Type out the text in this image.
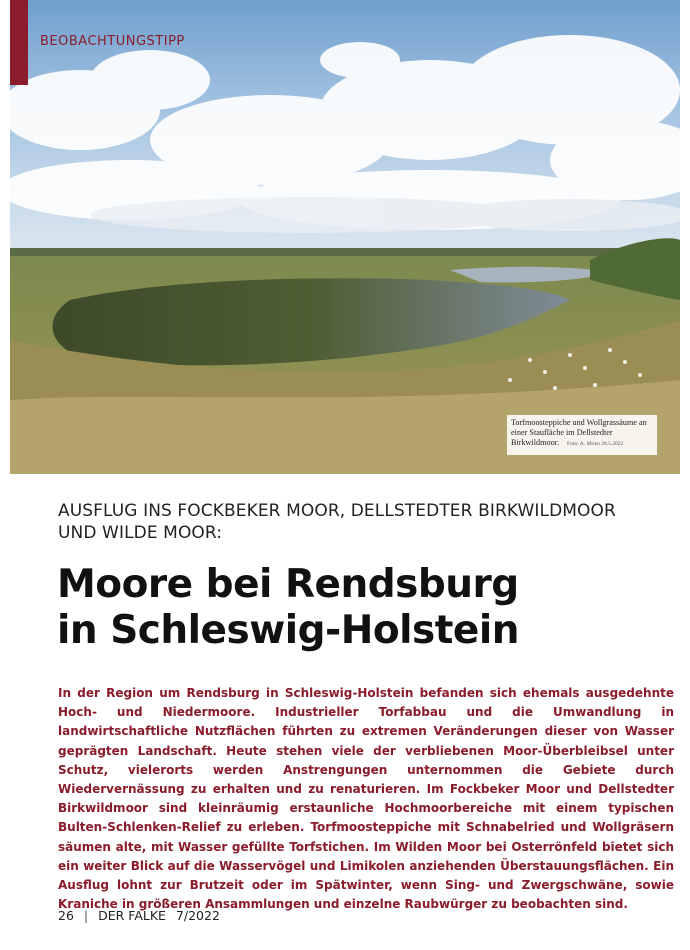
BEOBACHTUNGSTIPP
Torfmoosteppiche und Wollgrassäume an einer Staufläche im Dellstedter Birkwildmoor. Foto: A. Mrien 28.5.2022
AUSFLUG INS FOCKBEKER MOOR, DELLSTEDTER BIRKWILDMOOR UND WILDE MOOR:
Moore bei Rendsburg
in Schleswig-Holstein

In der Region um Rendsburg in Schleswig-Holstein befanden sich ehemals ausgedehnte Hoch- und Niedermoore. Industrieller Torfabbau und die Umwandlung in landwirtschaftliche Nutzflächen führten zu extremen Veränderungen dieser von Wasser geprägten Landschaft. Heute stehen viele der verbliebenen Moor-Überbleibsel unter Schutz, vielerorts werden Anstrengungen unternommen die Gebiete durch Wiedervernässung zu erhalten und zu renaturieren. Im Fockbeker Moor und Dellstedter Birkwildmoor sind kleinräumig erstaunliche Hochmoorbereiche mit einem typischen Bulten-Schlenken-Relief zu erleben. Torfmoosteppiche mit Schnabelried und Wollgräsern säumen alte, mit Wasser gefüllte Torfstichen. Im Wilden Moor bei Osterrönfeld bietet sich ein weiter Blick auf die Wasservögel und Limikolen anziehenden Überstauungsflächen. Ein Ausflug lohnt zur Brutzeit oder im Spätwinter, wenn Sing- und Zwergschwäne, sowie Kraniche in größeren Ansammlungen und einzelne Raubwürger zu beobachten sind.

26 | DER FALKE 7/2022
